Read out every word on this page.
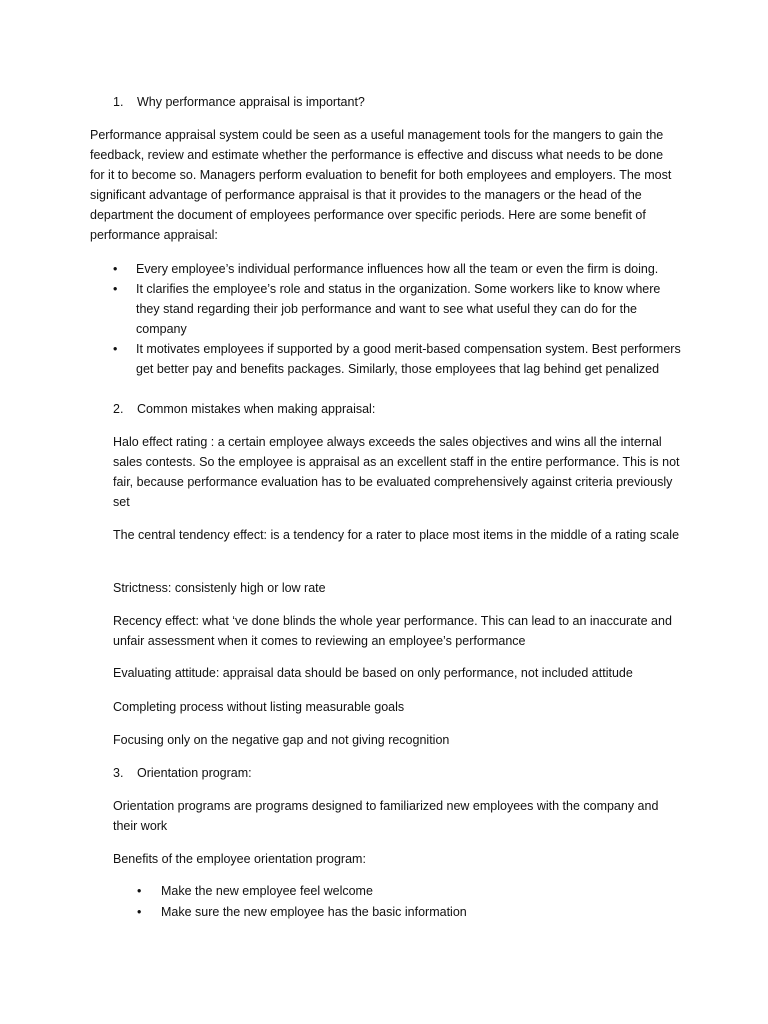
1. Why performance appraisal is important?

Performance appraisal system could be seen as a useful management tools for the mangers to gain the feedback, review and estimate whether the performance is effective and discuss what needs to be done for it to become so. Managers perform evaluation to benefit for both employees and employers. The most significant advantage of performance appraisal is that it provides to the managers or the head of the department the document of employees performance over specific periods. Here are some benefit of performance appraisal:

• Every employee’s individual performance influences how all the team or even the firm is doing.

• It clarifies the employee’s role and status in the organization. Some workers like to know where they stand regarding their job performance and want to see what useful they can do for the company

• It motivates employees if supported by a good merit-based compensation system. Best performers get better pay and benefits packages. Similarly, those employees that lag behind get penalized

2. Common mistakes when making appraisal:

Halo effect rating : a certain employee always exceeds the sales objectives and wins all the internal sales contests. So the employee is appraisal as an excellent staff in the entire performance. This is not fair, because performance evaluation has to be evaluated comprehensively against criteria previously set

The central tendency effect: is a tendency for a rater to place most items in the middle of a rating scale

Strictness: consistenly high or low rate

Recency effect: what ‘ve done blinds the whole year performance. This can lead to an inaccurate and unfair assessment when it comes to reviewing an employee’s performance

Evaluating attitude: appraisal data should be based on only performance, not included attitude

Completing process without listing measurable goals

Focusing only on the negative gap and not giving recognition

3. Orientation program:

Orientation programs are programs designed to familiarized new employees with the company and their work

Benefits of the employee orientation program:

• Make the new employee feel welcome

• Make sure the new employee has the basic information
